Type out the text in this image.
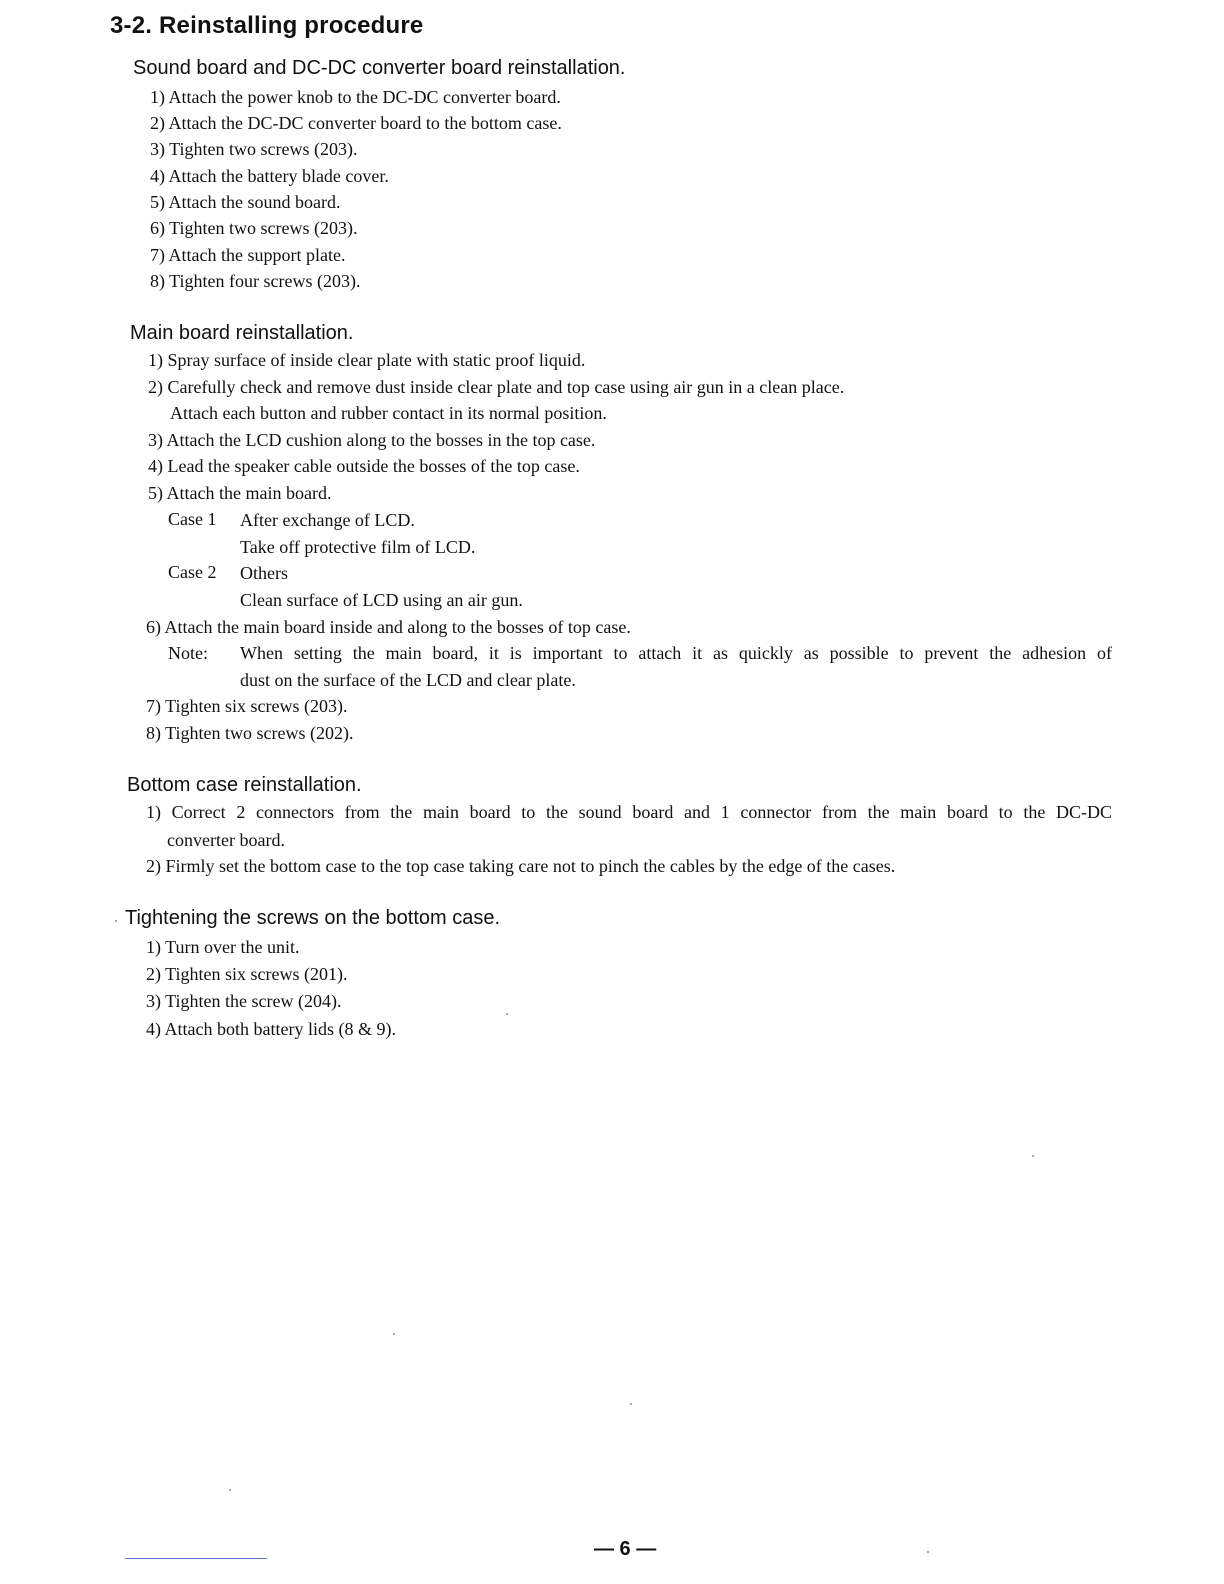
3-2. Reinstalling procedure
Sound board and DC-DC converter board reinstallation.
1) Attach the power knob to the DC-DC converter board.
2) Attach the DC-DC converter board to the bottom case.
3) Tighten two screws (203).
4) Attach the battery blade cover.
5) Attach the sound board.
6) Tighten two screws (203).
7) Attach the support plate.
8) Tighten four screws (203).
Main board reinstallation.
1) Spray surface of inside clear plate with static proof liquid.
2) Carefully check and remove dust inside clear plate and top case using air gun in a clean place.
Attach each button and rubber contact in its normal position.
3) Attach the LCD cushion along to the bosses in the top case.
4) Lead the speaker cable outside the bosses of the top case.
5) Attach the main board.
Case 1 After exchange of LCD.
Take off protective film of LCD.
Case 2 Others
Clean surface of LCD using an air gun.
6) Attach the main board inside and along to the bosses of top case.
Note: When setting the main board, it is important to attach it as quickly as possible to prevent the adhesion of
dust on the surface of the LCD and clear plate.
7) Tighten six screws (203).
8) Tighten two screws (202).
Bottom case reinstallation.
1) Correct 2 connectors from the main board to the sound board and 1 connector from the main board to the DC-DC
converter board.
2) Firmly set the bottom case to the top case taking care not to pinch the cables by the edge of the cases.
Tightening the screws on the bottom case.
1) Turn over the unit.
2) Tighten six screws (201).
3) Tighten the screw (204).
4) Attach both battery lids (8 & 9).
— 6 —
